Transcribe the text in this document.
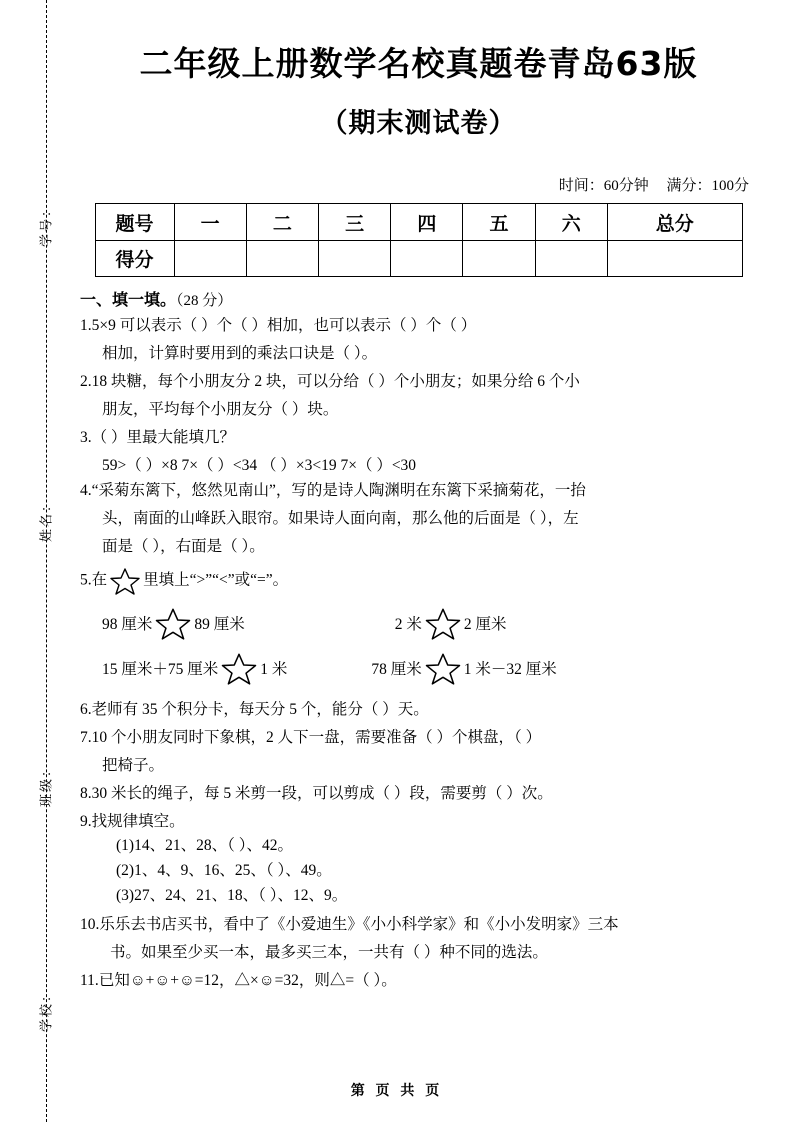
学号：
姓名：
班级：
学校：
二年级上册数学名校真题卷青岛63版
（期末测试卷）
时间：60分钟 满分：100分
题号	一	二	三	四	五	六	总分
得分							
一、填一填。（28 分）
1.5×9 可以表示（ ）个（ ）相加，也可以表示（ ）个（ ）
相加，计算时要用到的乘法口诀是（ ）。
2.18 块糖，每个小朋友分 2 块，可以分给（ ）个小朋友；如果分给 6 个小
朋友，平均每个小朋友分（ ）块。
3.（ ）里最大能填几？
59>（ ）×8 7×（ ）<34 （ ）×3<19 7×（ ）<30
4.“采菊东篱下，悠然见南山”，写的是诗人陶渊明在东篱下采摘菊花，一抬
头，南面的山峰跃入眼帘。如果诗人面向南，那么他的后面是（ ），左
面是（ ），右面是（ ）。
5.在 里填上“>”“<”或“=”。
98 厘米	89 厘米	2 米	2 厘米
15 厘米＋75 厘米	1 米	78 厘米	1 米－32 厘米
6.老师有 35 个积分卡，每天分 5 个，能分（ ）天。
7.10 个小朋友同时下象棋，2 人下一盘，需要准备（ ）个棋盘，（ ）
把椅子。
8.30 米长的绳子，每 5 米剪一段，可以剪成（ ）段，需要剪（ ）次。
9.找规律填空。
(1)14、21、28、（ ）、42。
(2)1、4、9、16、25、（ ）、49。
(3)27、24、21、18、（ ）、12、9。
10.乐乐去书店买书，看中了《小爱迪生》《小小科学家》和《小小发明家》三本
书。如果至少买一本，最多买三本，一共有（ ）种不同的选法。
11.已知☺+☺+☺=12，△×☺=32，则△=（ ）。
第 页 共 页
